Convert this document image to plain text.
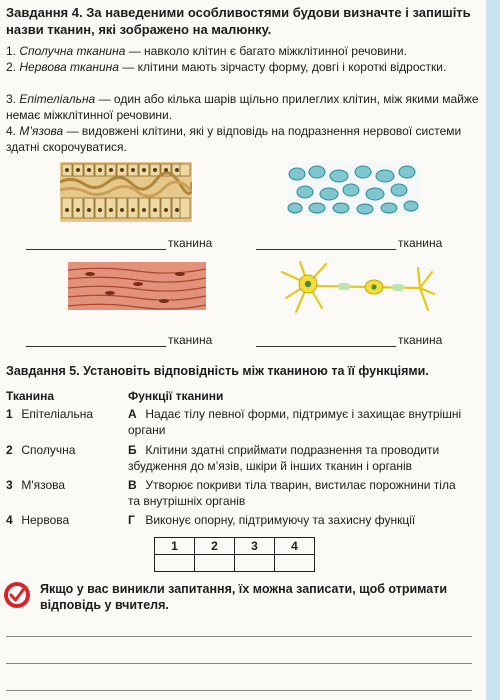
Завдання 4. За наведеними особливостями будови визначте і запишіть назви тканин, які зображено на малюнку.
1. Сполучна тканина — навколо клітин є багато міжклітинної речовини.
2. Нервова тканина — клітини мають зірчасту форму, довгі і короткі відростки.
3. Епітеліальна — один або кілька шарів щільно прилеглих клітин, між якими майже немає міжклітинної речовини.
4. М’язова — видовжені клітини, які у відповідь на подразнення нервової системи здатні скорочуватися.
тканина	тканина
тканина	тканина
Завдання 5. Установіть відповідність між тканиною та її функціями.
Тканина	Функції тканини
1 Епітеліальна	А Надає тілу певної форми, підтримує і захищає внутрішні органи
2 Сполучна	Б Клітини здатні сприймати подразнення та проводити збудження до м’язів, шкіри й інших тканин і органів
3 М'язова	В Утворює покриви тіла тварин, вистилає порожнини тіла та внутрішніх органів
4 Нервова	Г Виконує опорну, підтримуючу та захисну функції
1	2	3	4

Якщо у вас виникли запитання, їх можна записати, щоб отримати відповідь у вчителя.
